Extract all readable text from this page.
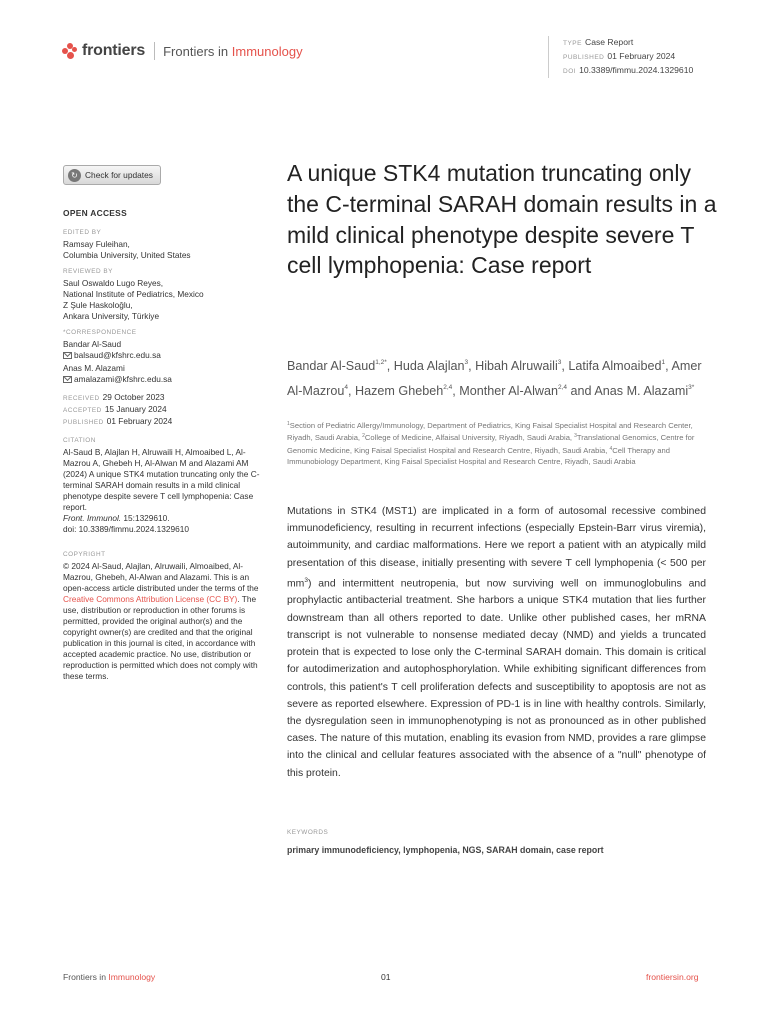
frontiers Frontiers in Immunology	TYPE Case Report
PUBLISHED 01 February 2024
DOI 10.3389/fimmu.2024.1329610
↻ Check for updates
OPEN ACCESS
EDITED BY

Ramsay Fuleihan,

Columbia University, United States

REVIEWED BY

Saul Oswaldo Lugo Reyes,

National Institute of Pediatrics, Mexico

Z Şule Haskoloğlu,

Ankara University, Türkiye

*CORRESPONDENCE

Bandar Al-Saud

balsaud@kfshrc.edu.sa

Anas M. Alazami

amalazami@kfshrc.edu.sa

RECEIVED 29 October 2023

ACCEPTED 15 January 2024

PUBLISHED 01 February 2024

CITATION

Al-Saud B, Alajlan H, Alruwaili H, Almoaibed L, Al-Mazrou A, Ghebeh H, Al-Alwan M and Alazami AM (2024) A unique STK4 mutation truncating only the C-terminal SARAH domain results in a mild clinical phenotype despite severe T cell lymphopenia: Case report.

Front. Immunol. 15:1329610.

doi: 10.3389/fimmu.2024.1329610

COPYRIGHT

© 2024 Al-Saud, Alajlan, Alruwaili, Almoaibed, Al-Mazrou, Ghebeh, Al-Alwan and Alazami. This is an open-access article distributed under the terms of the Creative Commons Attribution License (CC BY). The use, distribution or reproduction in other forums is permitted, provided the original author(s) and the copyright owner(s) are credited and that the original publication in this journal is cited, in accordance with accepted academic practice. No use, distribution or reproduction is permitted which does not comply with these terms.

A unique STK4 mutation truncating only the C-terminal SARAH domain results in a mild clinical phenotype despite severe T cell lymphopenia: Case report
Bandar Al-Saud$^{1,2*}$, Huda Alajlan$^3$, Hibah Alruwaili$^3$, Latifa Almoaibed$^1$, Amer Al-Mazrou$^4$, Hazem Ghebeh$^{2,4}$, Monther Al-Alwan$^{2,4}$ and Anas M. Alazami$^{3*}$
$^1$Section of Pediatric Allergy/Immunology, Department of Pediatrics, King Faisal Specialist Hospital and Research Center, Riyadh, Saudi Arabia, $^2$College of Medicine, Alfaisal University, Riyadh, Saudi Arabia, $^3$Translational Genomics, Centre for Genomic Medicine, King Faisal Specialist Hospital and Research Centre, Riyadh, Saudi Arabia, $^4$Cell Therapy and Immunobiology Department, King Faisal Specialist Hospital and Research Centre, Riyadh, Saudi Arabia

Mutations in STK4 (MST1) are implicated in a form of autosomal recessive combined immunodeficiency, resulting in recurrent infections (especially Epstein-Barr virus viremia), autoimmunity, and cardiac malformations. Here we report a patient with an atypically mild presentation of this disease, initially presenting with severe T cell lymphopenia (< 500 per $mm^3$) and intermittent neutropenia, but now surviving well on immunoglobulins and prophylactic antibacterial treatment. She harbors a unique STK4 mutation that lies further downstream than all others reported to date. Unlike other published cases, her mRNA transcript is not vulnerable to nonsense mediated decay (NMD) and yields a truncated protein that is expected to lose only the C-terminal SARAH domain. This domain is critical for autodimerization and autophosphorylation. While exhibiting significant differences from controls, this patient's T cell proliferation defects and susceptibility to apoptosis are not as severe as reported elsewhere. Expression of PD-1 is in line with healthy controls. Similarly, the dysregulation seen in immunophenotyping is not as pronounced as in other published cases. The nature of this mutation, enabling its evasion from NMD, provides a rare glimpse into the clinical and cellular features associated with the absence of a "null" phenotype of this protein.

KEYWORDS
primary immunodeficiency, lymphopenia, NGS, SARAH domain, case report
Frontiers in Immunology	01	frontiersin.org
